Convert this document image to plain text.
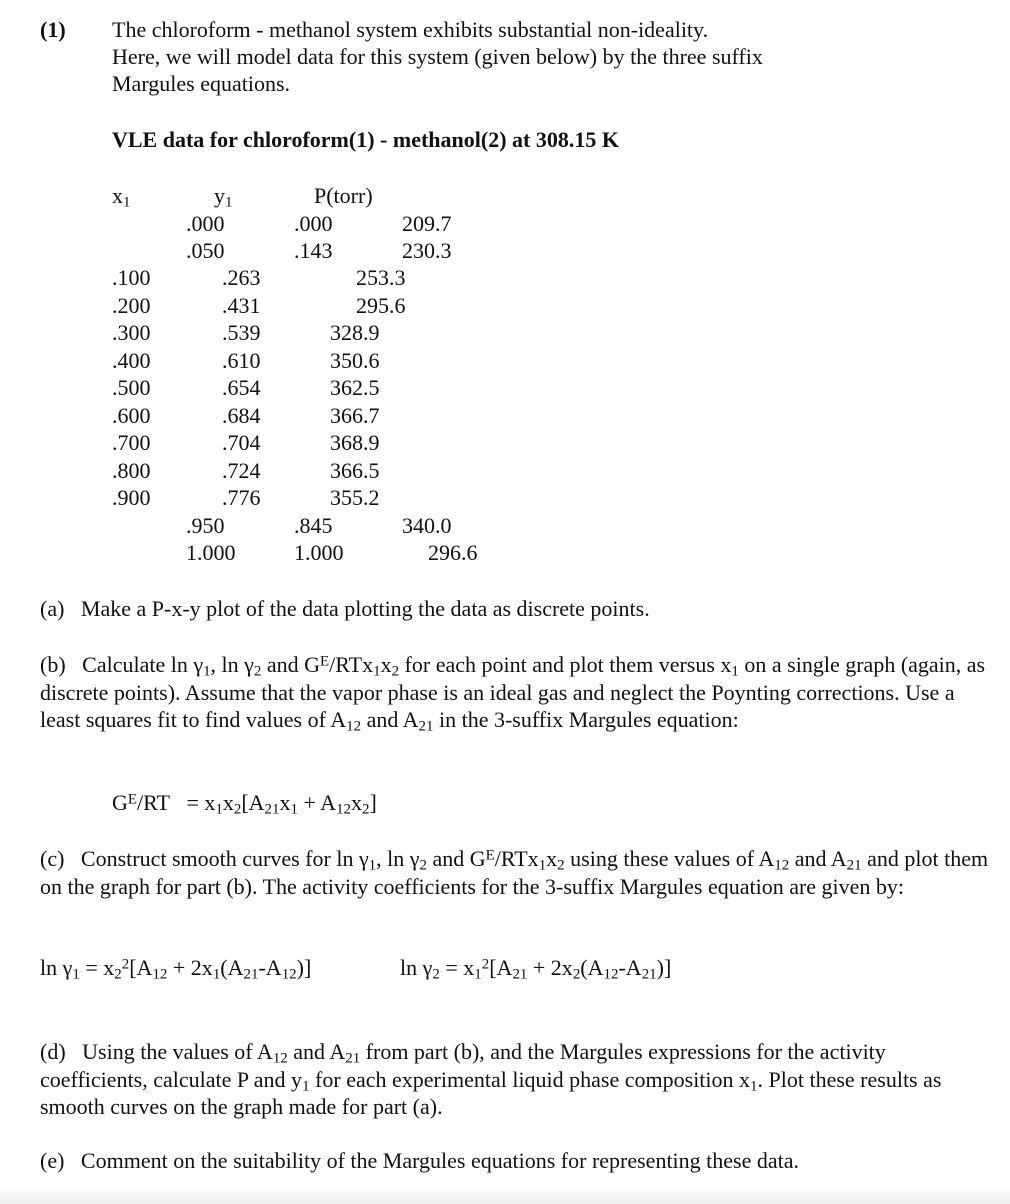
(1) The chloroform - methanol system exhibits substantial non-ideality.
Here, we will model data for this system (given below) by the three suffix
Margules equations.
VLE data for chloroform(1) - methanol(2) at 308.15 K
$x_1$	$y_1$	P(torr)
.000	.000	209.7
.050	.143	230.3
.100	.263	253.3
.200	.431	295.6
.300	.539	328.9
.400	.610	350.6
.500	.654	362.5
.600	.684	366.7
.700	.704	368.9
.800	.724	366.5
.900	.776	355.2
.950	.845	340.0
1.000	1.000	296.6
(a) Make a P-x-y plot of the data plotting the data as discrete points.
(b) Calculate $\ln \gamma_1$, $\ln \gamma_2$ and $G^E/RTx_1x_2$ for each point and plot them versus $x_1$ on a single graph (again, as discrete points). Assume that the vapor phase is an ideal gas and neglect the Poynting corrections. Use a least squares fit to find values of $A_{12}$ and $A_{21}$ in the 3-suffix Margules equation:
$G^E/RT = x_1x_2[A_{21}x_1 + A_{12}x_2]$
(c) Construct smooth curves for $\ln \gamma_1$, $\ln \gamma_2$ and $G^E/RTx_1x_2$ using these values of $A_{12}$ and $A_{21}$ and plot them on the graph for part (b). The activity coefficients for the 3-suffix Margules equation are given by:
$\ln \gamma_1 = x_2^2[A_{12} + 2x_1(A_{21}-A_{12})]$	$\ln \gamma_2 = x_1^2[A_{21} + 2x_2(A_{12}-A_{21})]$
(d) Using the values of $A_{12}$ and $A_{21}$ from part (b), and the Margules expressions for the activity coefficients, calculate P and $y_1$ for each experimental liquid phase composition $x_1$. Plot these results as smooth curves on the graph made for part (a).
(e) Comment on the suitability of the Margules equations for representing these data.
